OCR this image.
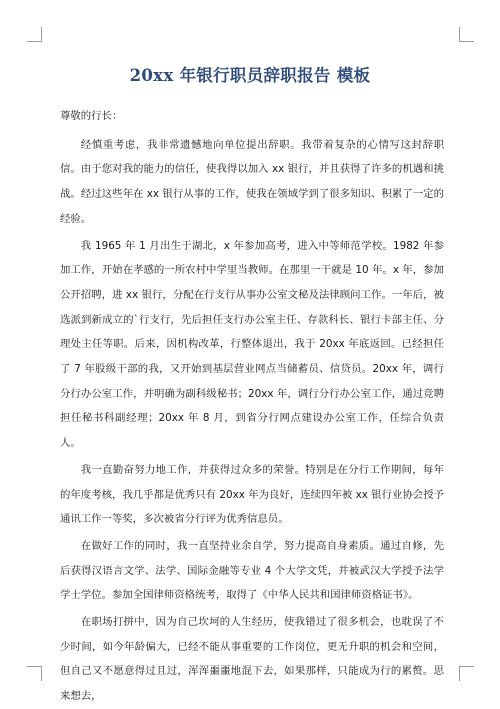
20xx 年银行职员辞职报告 模板

尊敬的行长：

经慎重考虑，我非常遗憾地向单位提出辞职。我带着复杂的心情写这封辞职信。由于您对我的能力的信任，使我得以加入 xx 银行，并且获得了许多的机遇和挑战。经过这些年在 xx 银行从事的工作，使我在领域学到了很多知识、积累了一定的经验。

我 1965 年 1 月出生于湖北，x 年参加高考，进入中等师范学校。1982 年参加工作，开始在孝感的一所农村中学里当教师。在那里一干就是 10 年。x 年，参加公开招聘，进 xx 银行，分配在行支行从事办公室文秘及法律顾问工作。一年后，被选派到新成立的`行支行，先后担任支行办公室主任、存款科长、银行卡部主任、分理处主任等职。后来，因机构改革，行整体退出，我于 20xx 年底返回。已经担任了 7 年股级干部的我，又开始到基层营业网点当储蓄员、信贷员。20xx 年，调行分行办公室工作，并明确为副科级秘书；20xx 年，调行分行办公室工作，通过竞聘担任秘书科副经理；20xx 年 8 月，到省分行网点建设办公室工作，任综合负责人。

我一直勤奋努力地工作，并获得过众多的荣誉。特别是在分行工作期间，每年的年度考核，我几乎都是优秀只有 20xx 年为良好，连续四年被 xx 银行业协会授予通讯工作一等奖，多次被省分行评为优秀信息员。

在做好工作的同时，我一直坚持业余自学，努力提高自身素质。通过自修，先后获得汉语言文学、法学、国际金融等专业 4 个大学文凭，并被武汉大学授予法学学士学位。参加全国律师资格统考，取得了《中华人民共和国律师资格证书》。

在职场打拼中，因为自己坎坷的人生经历，使我错过了很多机会，也耽误了不少时间，如今年龄偏大，已经不能从事重要的工作岗位，更无升职的机会和空间，但自己又不愿意得过且过，浑浑噩噩地混下去，如果那样，只能成为行的累赘。思来想去，
